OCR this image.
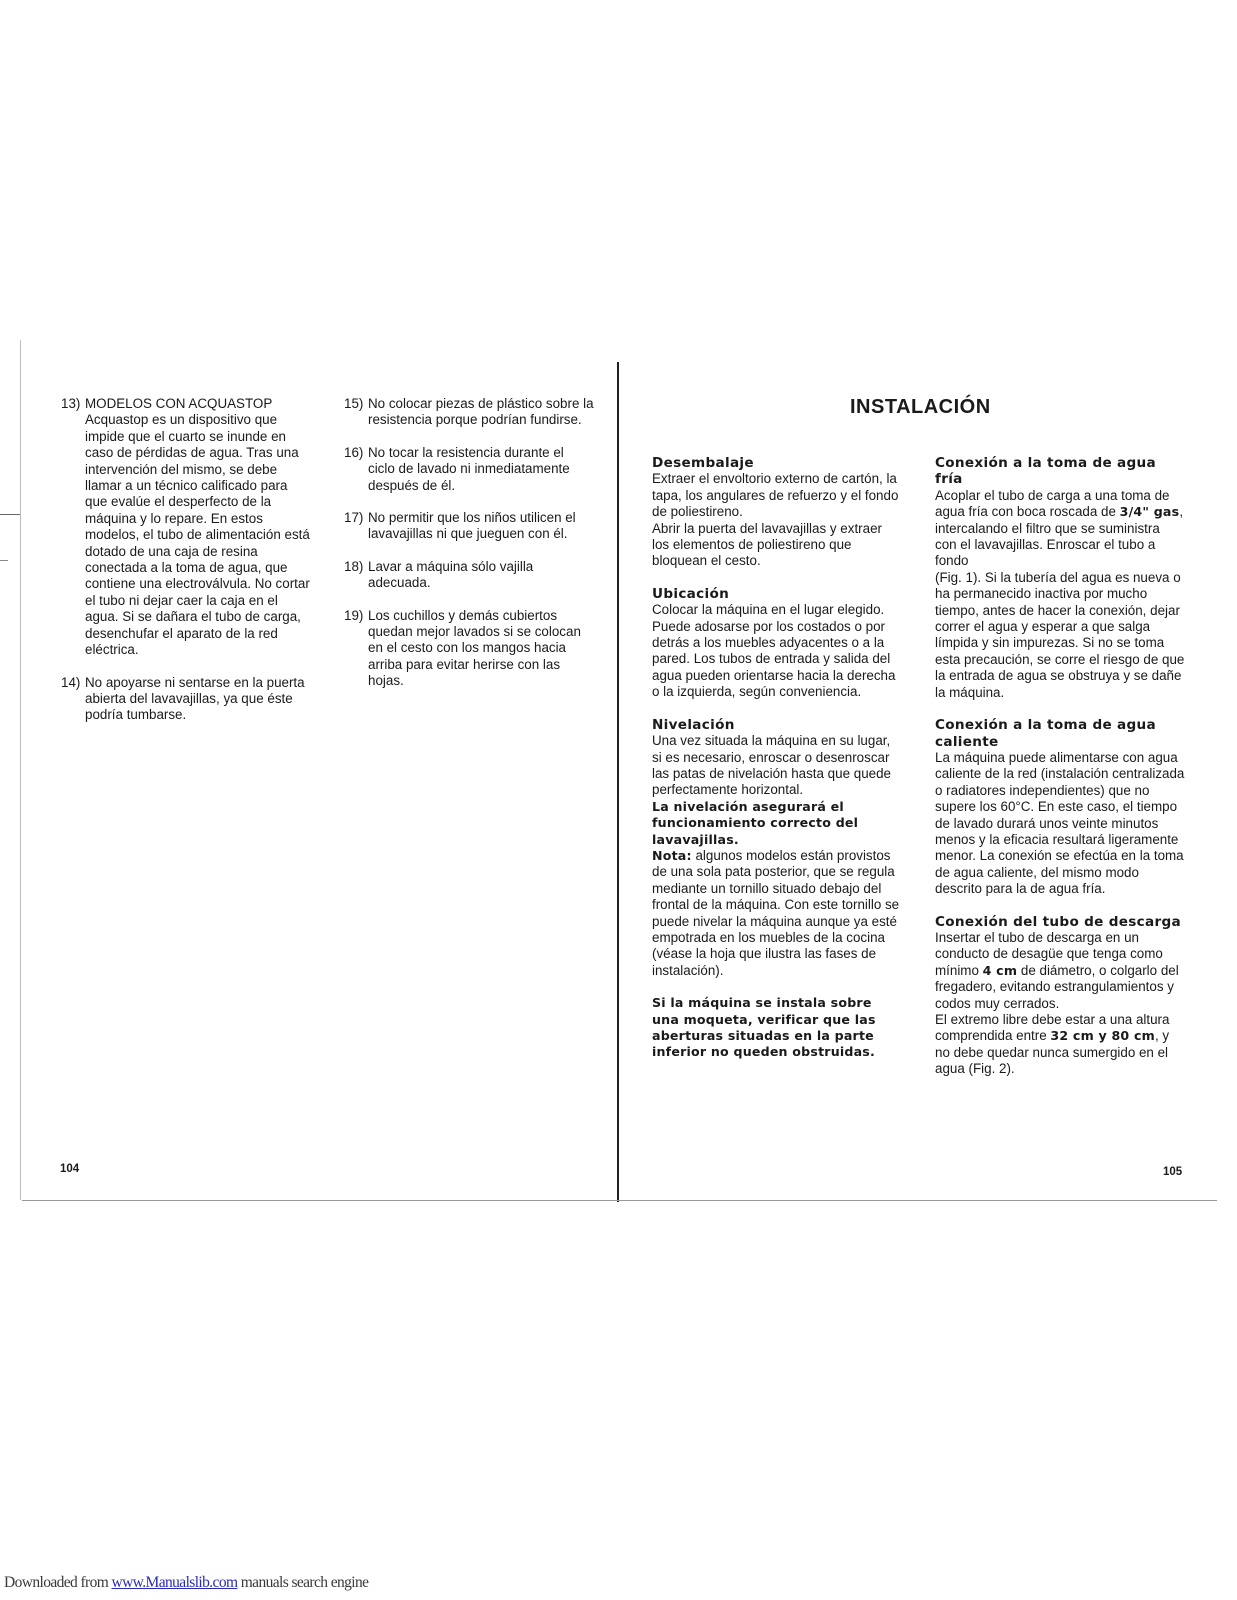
13) MODELOS CON ACQUASTOP Acquastop es un dispositivo que impide que el cuarto se inunde en caso de pérdidas de agua. Tras una intervención del mismo, se debe llamar a un técnico calificado para que evalúe el desperfecto de la máquina y lo repare. En estos modelos, el tubo de alimentación está dotado de una caja de resina conectada a la toma de agua, que contiene una electroválvula. No cortar el tubo ni dejar caer la caja en el agua. Si se dañara el tubo de carga, desenchufar el aparato de la red eléctrica.
14) No apoyarse ni sentarse en la puerta abierta del lavavajillas, ya que éste podría tumbarse.
15) No colocar piezas de plástico sobre la resistencia porque podrían fundirse.
16) No tocar la resistencia durante el ciclo de lavado ni inmediatamente después de él.
17) No permitir que los niños utilicen el lavavajillas ni que jueguen con él.
18) Lavar a máquina sólo vajilla adecuada.
19) Los cuchillos y demás cubiertos quedan mejor lavados si se colocan en el cesto con los mangos hacia arriba para evitar herirse con las hojas.
104
INSTALACIÓN
Desembalaje

Extraer el envoltorio externo de cartón, la tapa, los angulares de refuerzo y el fondo de poliestireno.

Abrir la puerta del lavavajillas y extraer los elementos de poliestireno que bloquean el cesto.

Ubicación

Colocar la máquina en el lugar elegido. Puede adosarse por los costados o por detrás a los muebles adyacentes o a la pared. Los tubos de entrada y salida del agua pueden orientarse hacia la derecha o la izquierda, según conveniencia.

Nivelación

Una vez situada la máquina en su lugar, si es necesario, enroscar o desenroscar las patas de nivelación hasta que quede perfectamente horizontal.

La nivelación asegurará el funcionamiento correcto del lavavajillas.

Nota: algunos modelos están provistos de una sola pata posterior, que se regula mediante un tornillo situado debajo del frontal de la máquina. Con este tornillo se puede nivelar la máquina aunque ya esté empotrada en los muebles de la cocina (véase la hoja que ilustra las fases de instalación).

Si la máquina se instala sobre una moqueta, verificar que las aberturas situadas en la parte inferior no queden obstruidas.

Conexión a la toma de agua fría

Acoplar el tubo de carga a una toma de agua fría con boca roscada de 3/4" gas, intercalando el filtro que se suministra con el lavavajillas. Enroscar el tubo a fondo

(Fig. 1). Si la tubería del agua es nueva o ha permanecido inactiva por mucho tiempo, antes de hacer la conexión, dejar correr el agua y esperar a que salga límpida y sin impurezas. Si no se toma esta precaución, se corre el riesgo de que la entrada de agua se obstruya y se dañe la máquina.

Conexión a la toma de agua caliente

La máquina puede alimentarse con agua caliente de la red (instalación centralizada o radiatores independientes) que no supere los 60°C. En este caso, el tiempo de lavado durará unos veinte minutos menos y la eficacia resultará ligeramente menor. La conexión se efectúa en la toma de agua caliente, del mismo modo descrito para la de agua fría.

Conexión del tubo de descarga

Insertar el tubo de descarga en un conducto de desagüe que tenga como mínimo 4 cm de diámetro, o colgarlo del fregadero, evitando estrangulamientos y codos muy cerrados.

El extremo libre debe estar a una altura comprendida entre 32 cm y 80 cm, y no debe quedar nunca sumergido en el agua (Fig. 2).

105
Downloaded from www.Manualslib.com manuals search engine
